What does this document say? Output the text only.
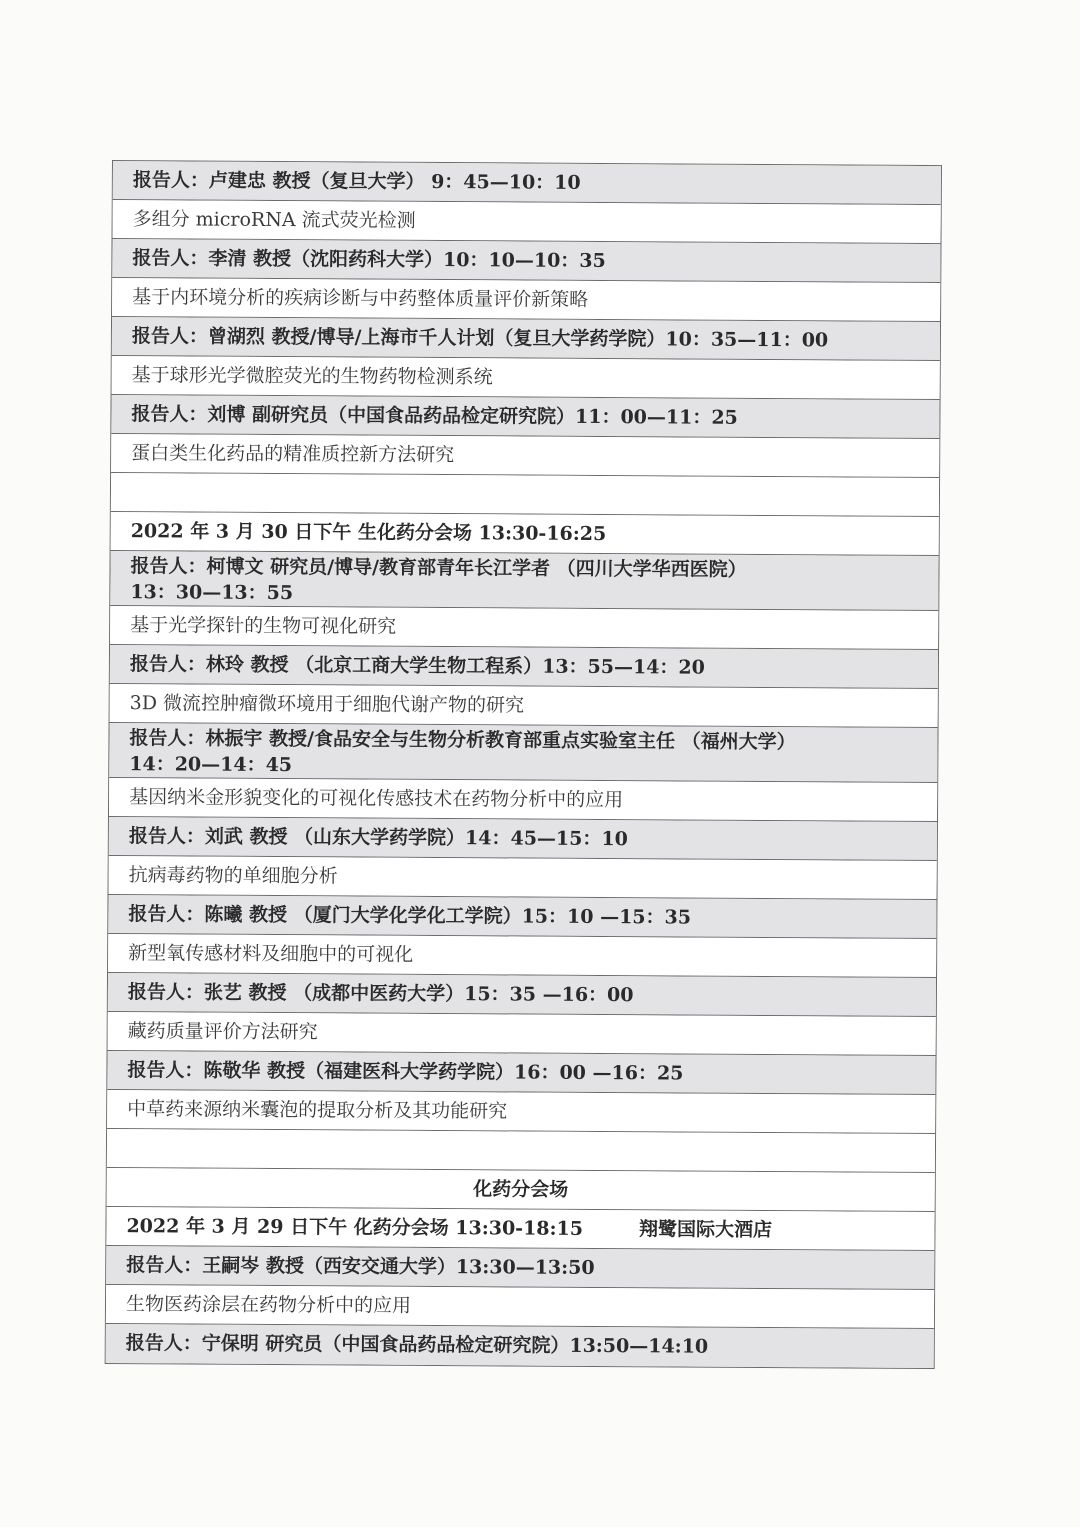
报告人：卢建忠 教授（复旦大学） 9：45—10：10
多组分 microRNA 流式荧光检测
报告人：李清 教授（沈阳药科大学）10：10—10：35
基于内环境分析的疾病诊断与中药整体质量评价新策略
报告人：曾湖烈 教授/博导/上海市千人计划（复旦大学药学院）10：35—11：00
基于球形光学微腔荧光的生物药物检测系统
报告人：刘博 副研究员（中国食品药品检定研究院）11：00—11：25
蛋白类生化药品的精准质控新方法研究
2022 年 3 月 30 日下午 生化药分会场 13:30-16:25
报告人：柯博文 研究员/博导/教育部青年长江学者 （四川大学华西医院）
13：30—13：55
基于光学探针的生物可视化研究
报告人：林玲 教授 （北京工商大学生物工程系）13：55—14：20
3D 微流控肿瘤微环境用于细胞代谢产物的研究
报告人：林振宇 教授/食品安全与生物分析教育部重点实验室主任 （福州大学）
14：20—14：45
基因纳米金形貌变化的可视化传感技术在药物分析中的应用
报告人：刘武 教授 （山东大学药学院）14：45—15：10
抗病毒药物的单细胞分析
报告人：陈曦 教授 （厦门大学化学化工学院）15：10 —15：35
新型氧传感材料及细胞中的可视化
报告人：张艺 教授 （成都中医药大学）15：35 —16：00
藏药质量评价方法研究
报告人：陈敬华 教授（福建医科大学药学院）16：00 —16：25
中草药来源纳米囊泡的提取分析及其功能研究
化药分会场
2022 年 3 月 29 日下午 化药分会场 13:30-18:15	翔鹭国际大酒店
报告人：王嗣岑 教授（西安交通大学）13:30—13:50
生物医药涂层在药物分析中的应用
报告人：宁保明 研究员（中国食品药品检定研究院）13:50—14:10
